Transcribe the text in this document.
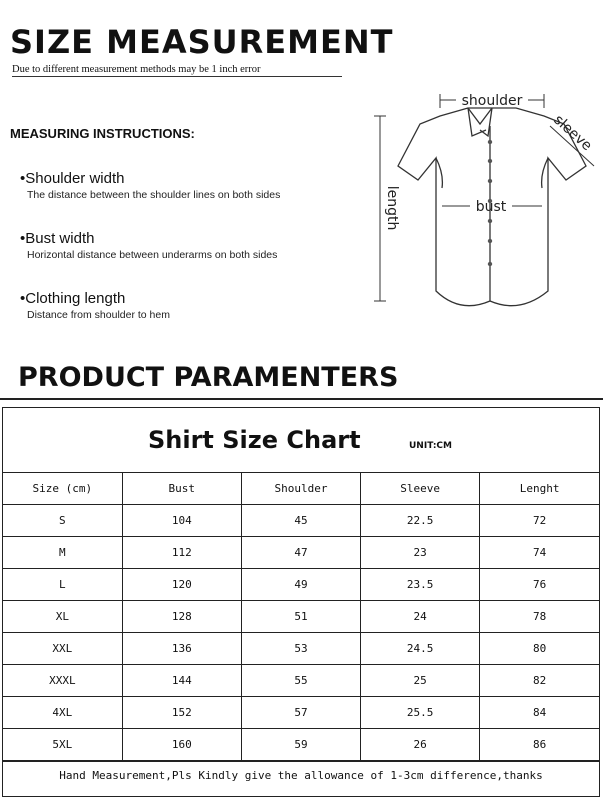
SIZE MEASUREMENT
Due to different measurement methods may be 1 inch error
MEASURING INSTRUCTIONS:
•Shoulder width
The distance between the shoulder lines on both sides
•Bust width
Horizontal distance between underarms on both sides
•Clothing length
Distance from shoulder to hem
shoulder
bust
length
sleeve
PRODUCT PARAMENTERS
Shirt Size Chart	UNIT:CM
Size (cm)	Bust	Shoulder	Sleeve	Lenght
S	104	45	22.5	72
M	112	47	23	74
L	120	49	23.5	76
XL	128	51	24	78
XXL	136	53	24.5	80
XXXL	144	55	25	82
4XL	152	57	25.5	84
5XL	160	59	26	86
Hand Measurement,Pls Kindly give the allowance of 1-3cm difference,thanks
